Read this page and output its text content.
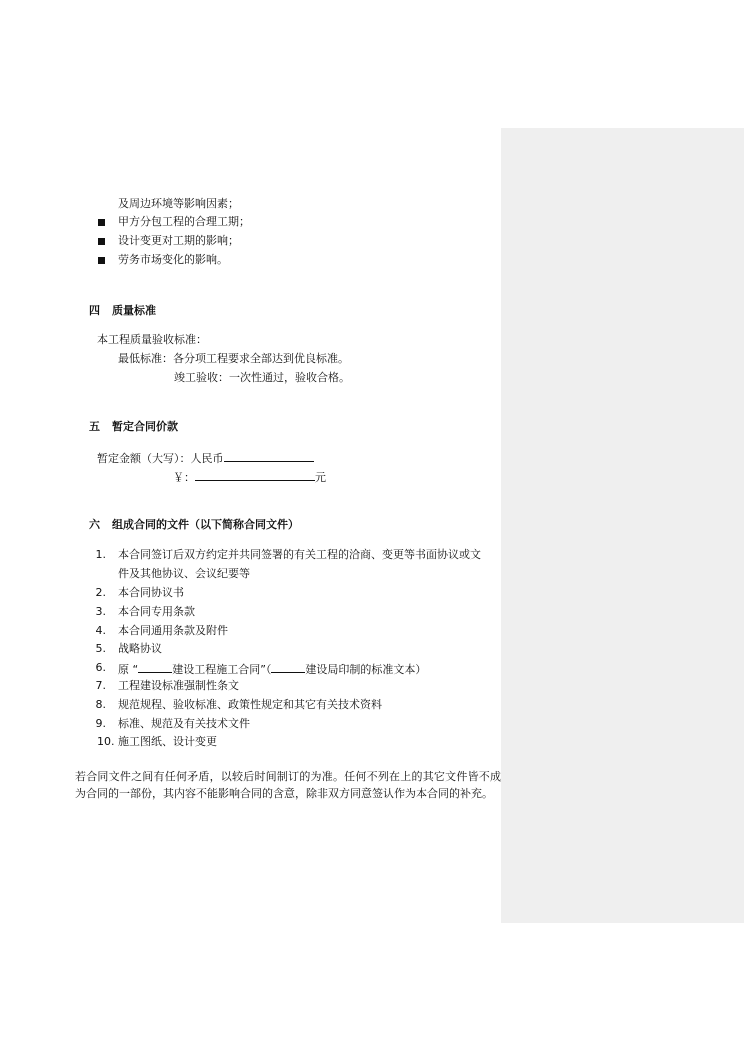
及周边环境等影响因素；
甲方分包工程的合理工期；
设计变更对工期的影响；
劳务市场变化的影响。
四 质量标准
本工程质量验收标准：
最低标准：各分项工程要求全部达到优良标准。
竣工验收：一次性通过，验收合格。
五 暂定合同价款
暂定金额（大写）：人民币
￥：	元
六 组成合同的文件（以下简称合同文件）
1. 本合同签订后双方约定并共同签署的有关工程的洽商、变更等书面协议或文
件及其他协议、会议纪要等
2. 本合同协议书
3. 本合同专用条款
4. 本合同通用条款及附件
5. 战略协议
6. 原 “	建设工程施工合同”（	建设局印制的标准文本）
7. 工程建设标准强制性条文
8. 规范规程、验收标准、政策性规定和其它有关技术资料
9. 标准、规范及有关技术文件
10. 施工图纸、设计变更
若合同文件之间有任何矛盾，以较后时间制订的为准。任何不列在上的其它文件皆不成为合同的一部份，其内容不能影响合同的含意，除非双方同意签认作为本合同的补充。
